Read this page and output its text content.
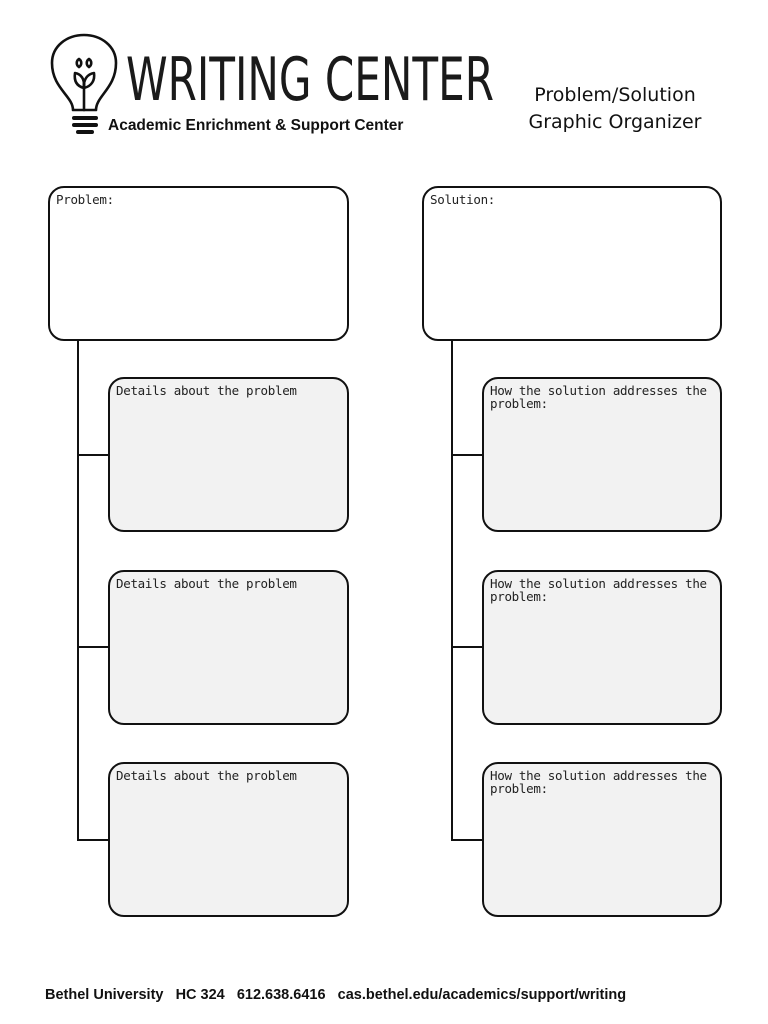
WRITING CENTER
Academic Enrichment & Support Center
Problem/Solution
Graphic Organizer
Problem:
Details about the problem
Details about the problem
Details about the problem
Solution:
How the solution addresses the problem:
How the solution addresses the problem:
How the solution addresses the problem:
Bethel University HC 324 612.638.6416 cas.bethel.edu/academics/support/writing
